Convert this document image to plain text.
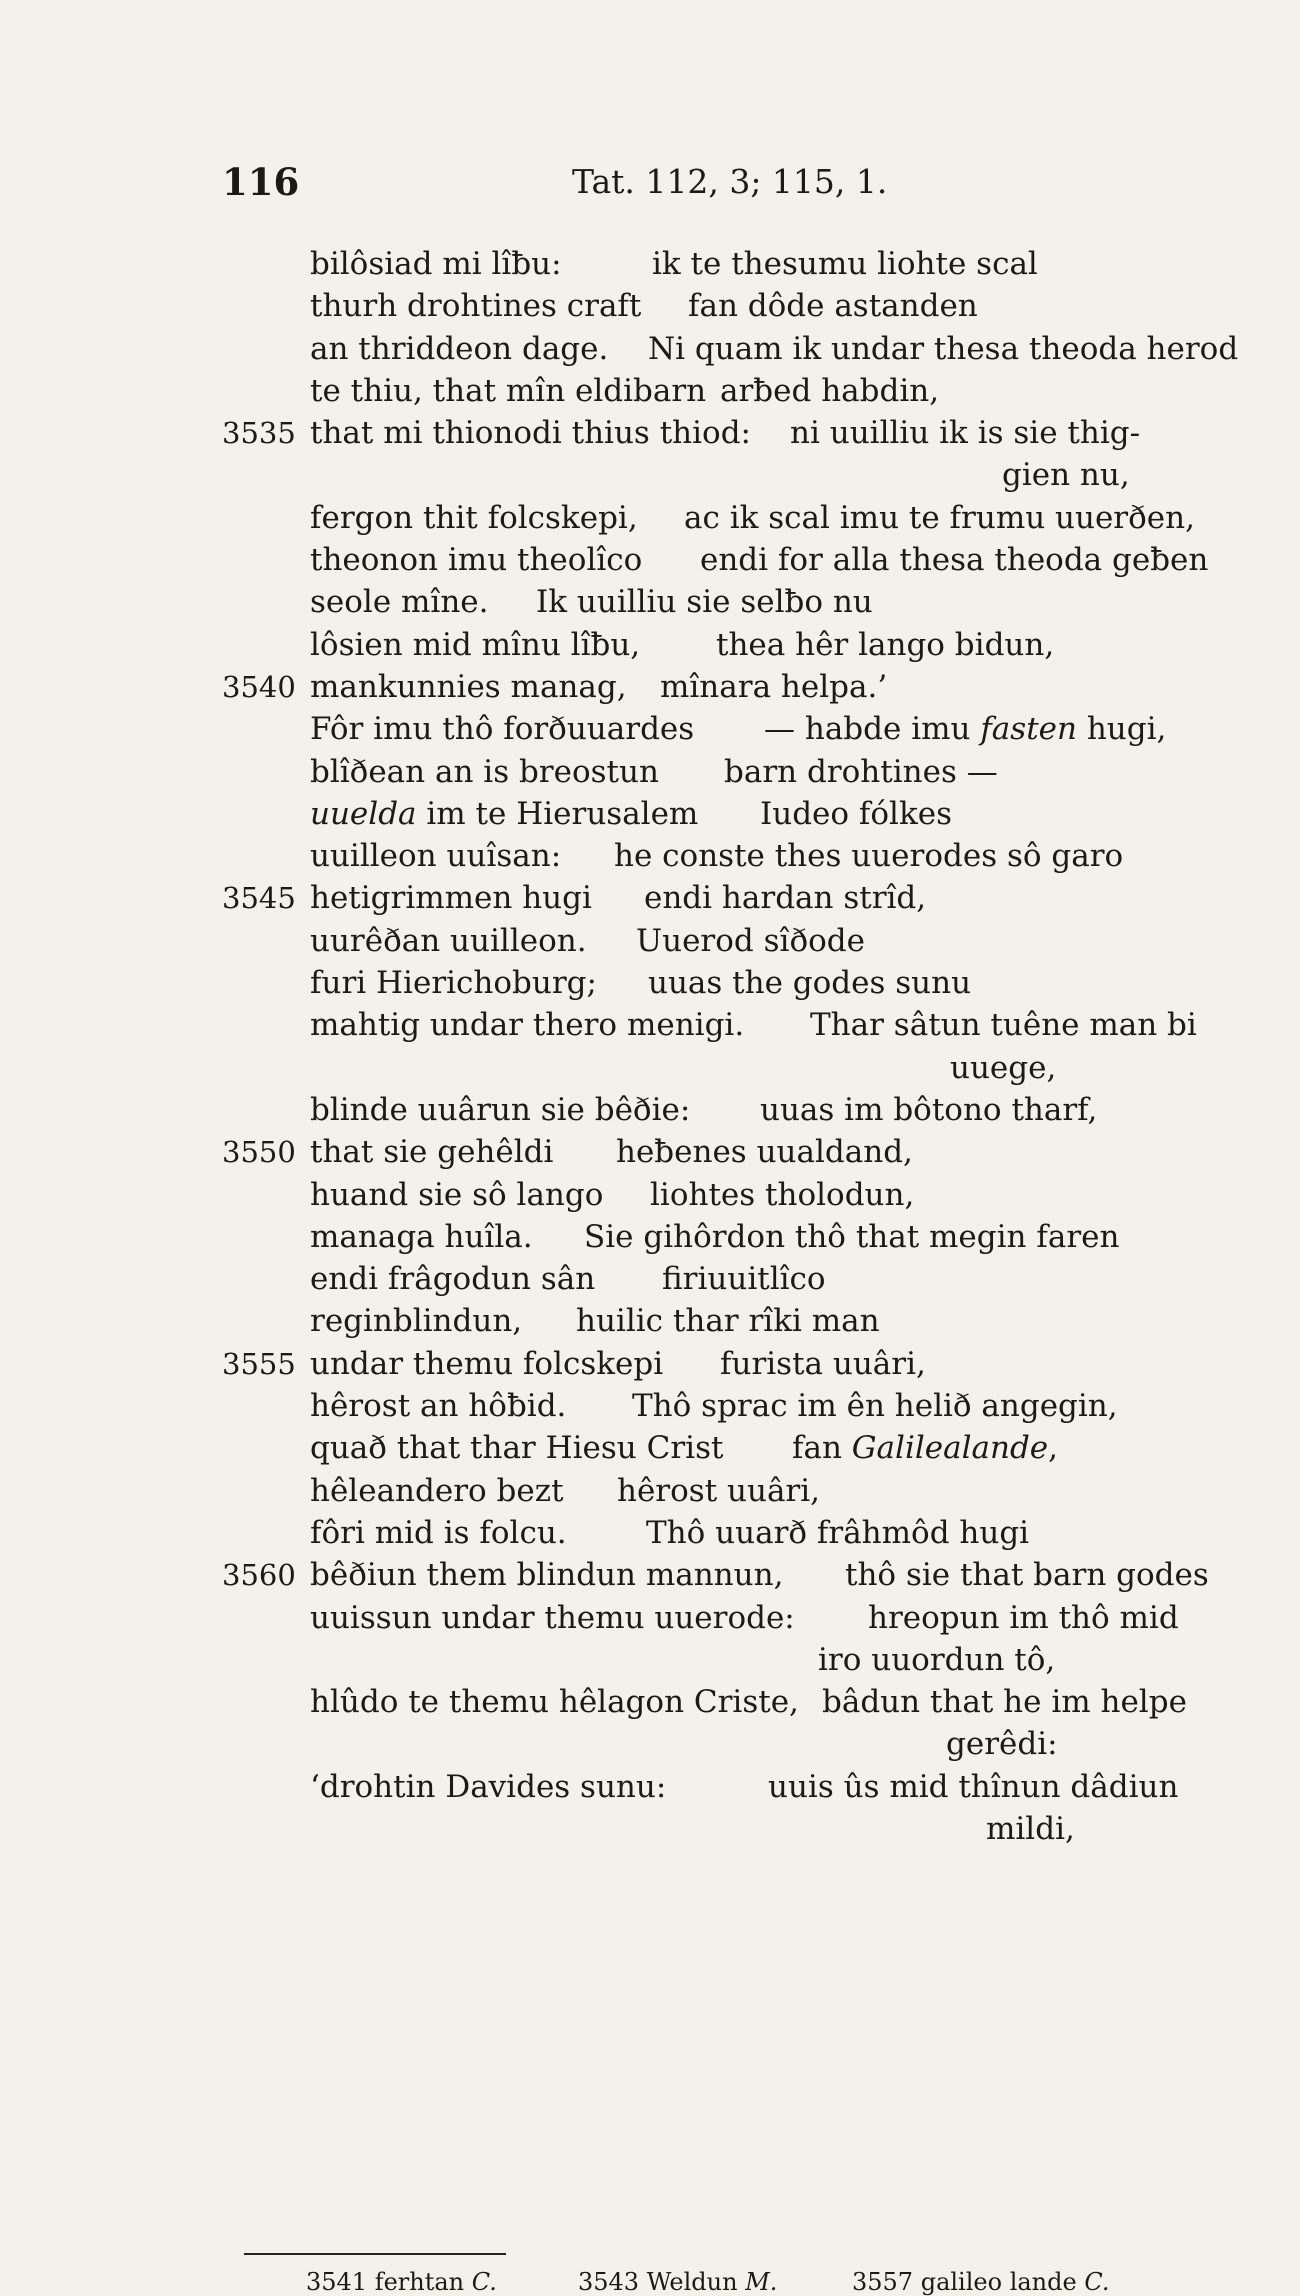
116	Tat. 112, 3; 115, 1.
bilôsiad mi lîƀu:	ik te thesumu liohte scal
thurh drohtines craft fan dôde astanden
an thriddeon dage. Ni quam ik undar thesa theoda herod
te thiu, that mîn eldibarn arƀed habdin,
3535 that mi thionodi thius thiod: ni uuilliu ik is sie thig-
gien nu,
fergon thit folcskepi, ac ik scal imu te frumu uuerðen,
theonon imu theolîco endi for alla thesa theoda geƀen
seole mîne. Ik uuilliu sie selƀo nu
lôsien mid mînu lîƀu, thea hêr lango bidun,
3540 mankunnies manag, mînara helpa.’
Fôr imu thô forðuuardes — habde imu fasten hugi,
blîðean an is breostun barn drohtines —
uuelda im te Hierusalem Iudeo fólkes
uuilleon uuîsan: he conste thes uuerodes sô garo
3545 hetigrimmen hugi endi hardan strîd,
uurêðan uuilleon. Uuerod sîðode
furi Hierichoburg; uuas the godes sunu
mahtig undar thero menigi. Thar sâtun tuêne man bi
uuege,
blinde uuârun sie bêðie: uuas im bôtono tharf,
3550 that sie gehêldi heƀenes uualdand,
huand sie sô lango liohtes tholodun,
managa huîla. Sie gihôrdon thô that megin faren
endi frâgodun sân firiuuitlîco
reginblindun, huilic thar rîki man
3555 undar themu folcskepi furista uuâri,
hêrost an hôƀid. Thô sprac im ên helið angegin,
quað that thar Hiesu Crist fan Galilealande,
hêleandero bezt hêrost uuâri,
fôri mid is folcu.	Thô uuarð frâhmôd hugi
3560 bêðiun them blindun mannun, thô sie that barn godes
uuissun undar themu uuerode: hreopun im thô mid
iro uuordun tô,
hlûdo te themu hêlagon Criste, bâdun that he im helpe
gerêdi:
‘drohtin Davides sunu:	uuis ûs mid thînun dâdiun
mildi,
3541 ferhtan C.	3543 Weldun M.	3557 galileo lande C.
